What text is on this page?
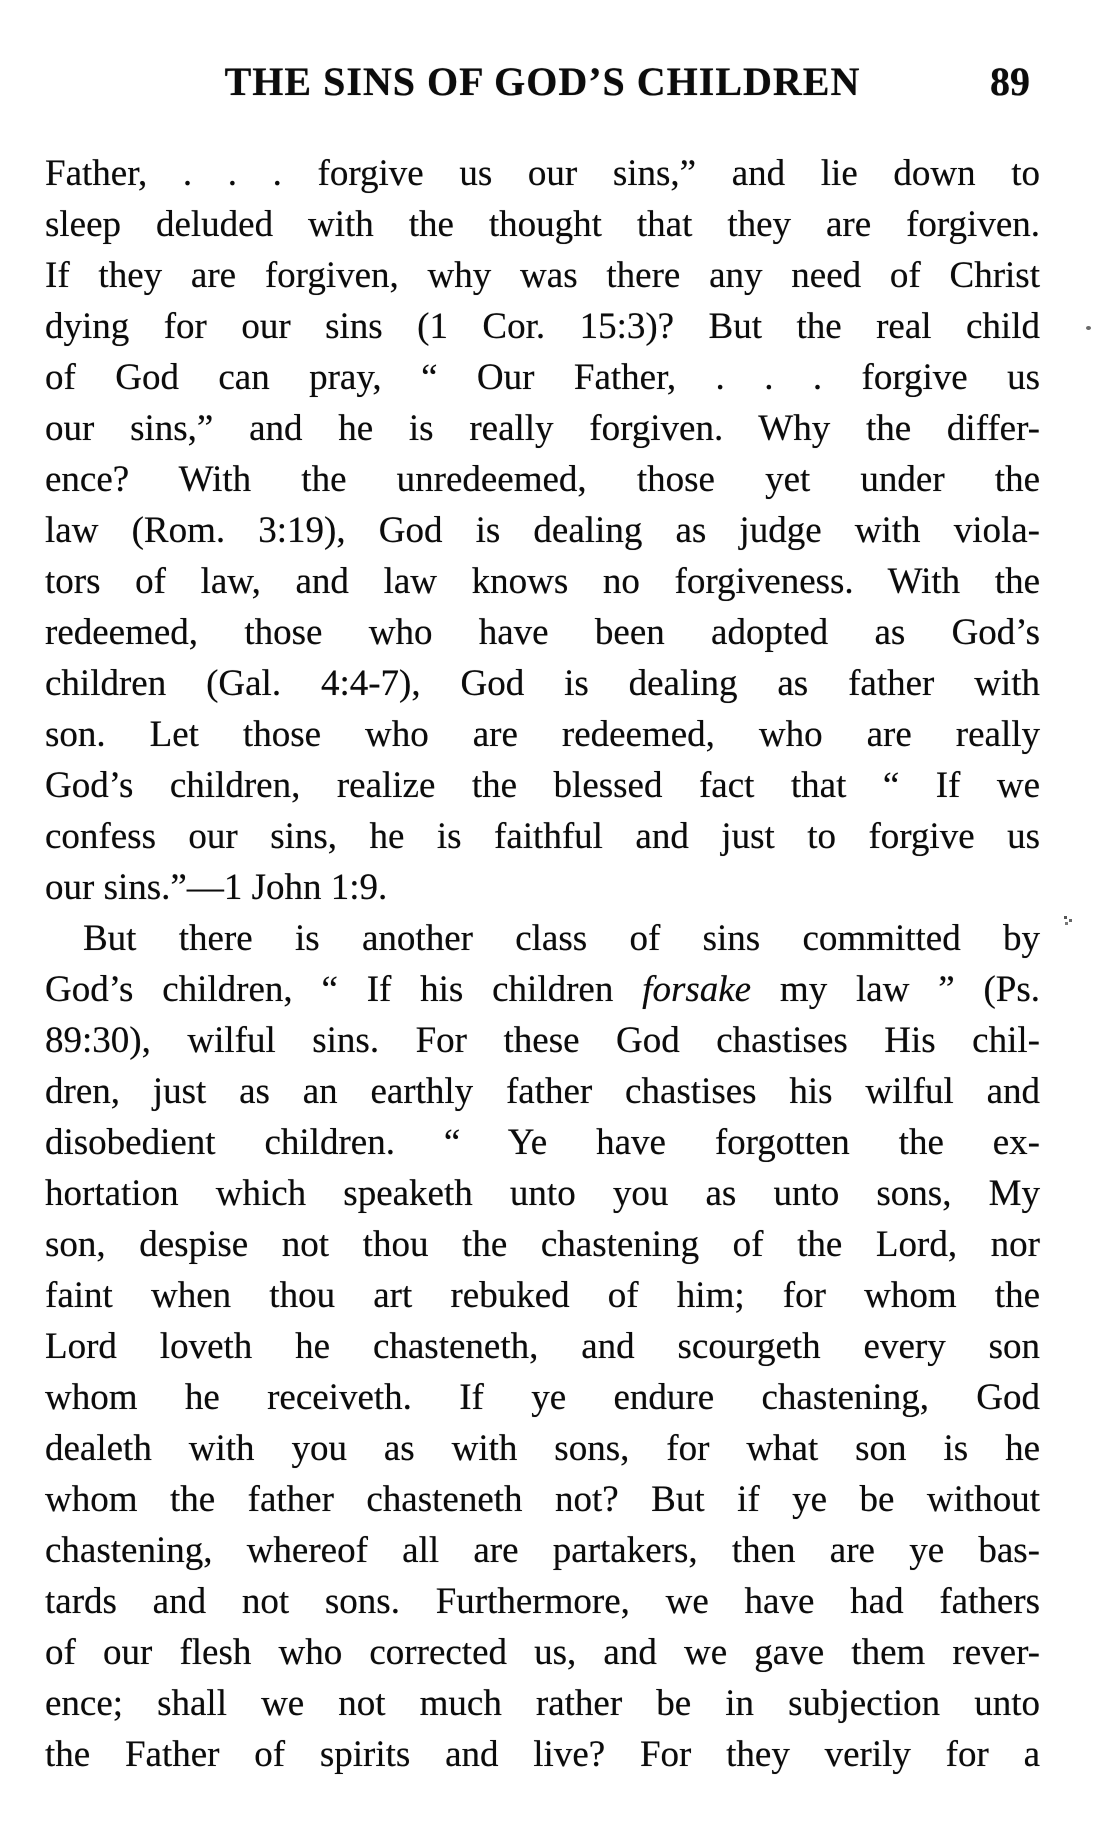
THE SINS OF GOD’S CHILDREN	89
Father, . . . forgive us our sins,” and lie down to
sleep deluded with the thought that they are forgiven.
If they are forgiven, why was there any need of Christ
dying for our sins (1 Cor. 15:3)? But the real child
of God can pray, “ Our Father, . . . forgive us
our sins,” and he is really forgiven. Why the differ-
ence? With the unredeemed, those yet under the
law (Rom. 3:19), God is dealing as judge with viola-
tors of law, and law knows no forgiveness. With the
redeemed, those who have been adopted as God’s
children (Gal. 4:4-7), God is dealing as father with
son. Let those who are redeemed, who are really
God’s children, realize the blessed fact that “ If we
confess our sins, he is faithful and just to forgive us
our sins.”—1 John 1:9.
But there is another class of sins committed by
God’s children, “ If his children forsake my law ” (Ps.
89:30), wilful sins. For these God chastises His chil-
dren, just as an earthly father chastises his wilful and
disobedient children. “ Ye have forgotten the ex-
hortation which speaketh unto you as unto sons, My
son, despise not thou the chastening of the Lord, nor
faint when thou art rebuked of him; for whom the
Lord loveth he chasteneth, and scourgeth every son
whom he receiveth. If ye endure chastening, God
dealeth with you as with sons, for what son is he
whom the father chasteneth not? But if ye be without
chastening, whereof all are partakers, then are ye bas-
tards and not sons. Furthermore, we have had fathers
of our flesh who corrected us, and we gave them rever-
ence; shall we not much rather be in subjection unto
the Father of spirits and live? For they verily for a
